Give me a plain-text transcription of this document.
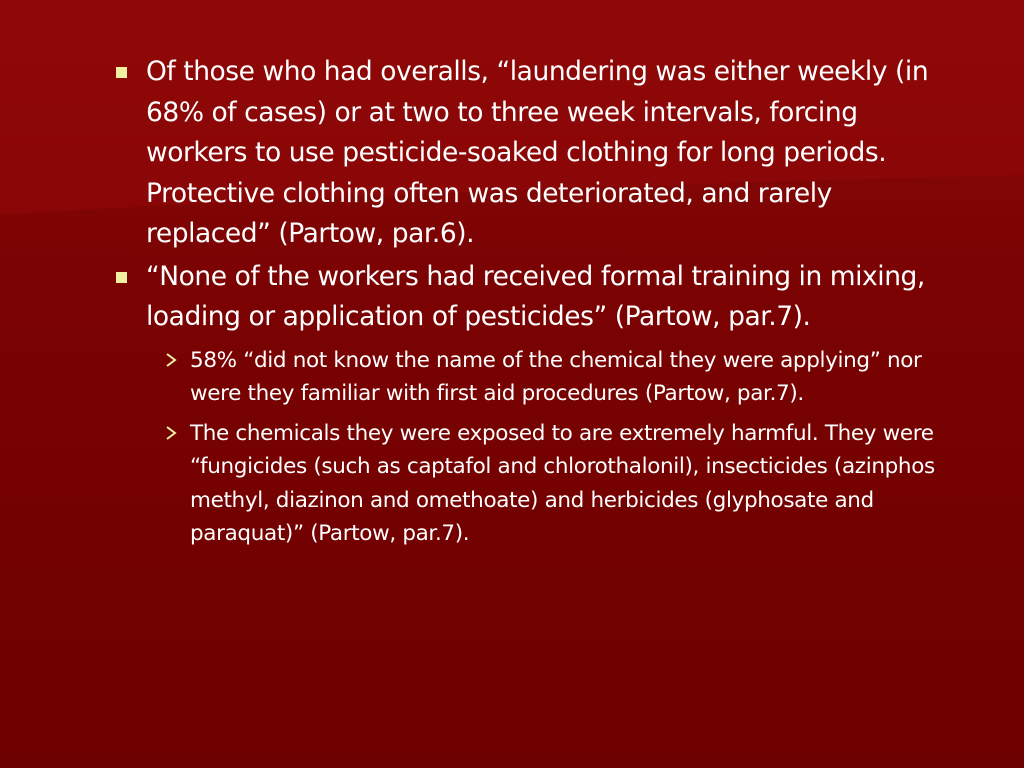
Of those who had overalls, “laundering was either weekly (in 68% of cases) or at two to three week intervals, forcing workers to use pesticide-soaked clothing for long periods. Protective clothing often was deteriorated, and rarely replaced” (Partow, par.6).
“None of the workers had received formal training in mixing, loading or application of pesticides” (Partow, par.7).
58% “did not know the name of the chemical they were applying” nor were they familiar with first aid procedures (Partow, par.7).
The chemicals they were exposed to are extremely harmful. They were “fungicides (such as captafol and chlorothalonil), insecticides (azinphos methyl, diazinon and omethoate) and herbicides (glyphosate and paraquat)” (Partow, par.7).
